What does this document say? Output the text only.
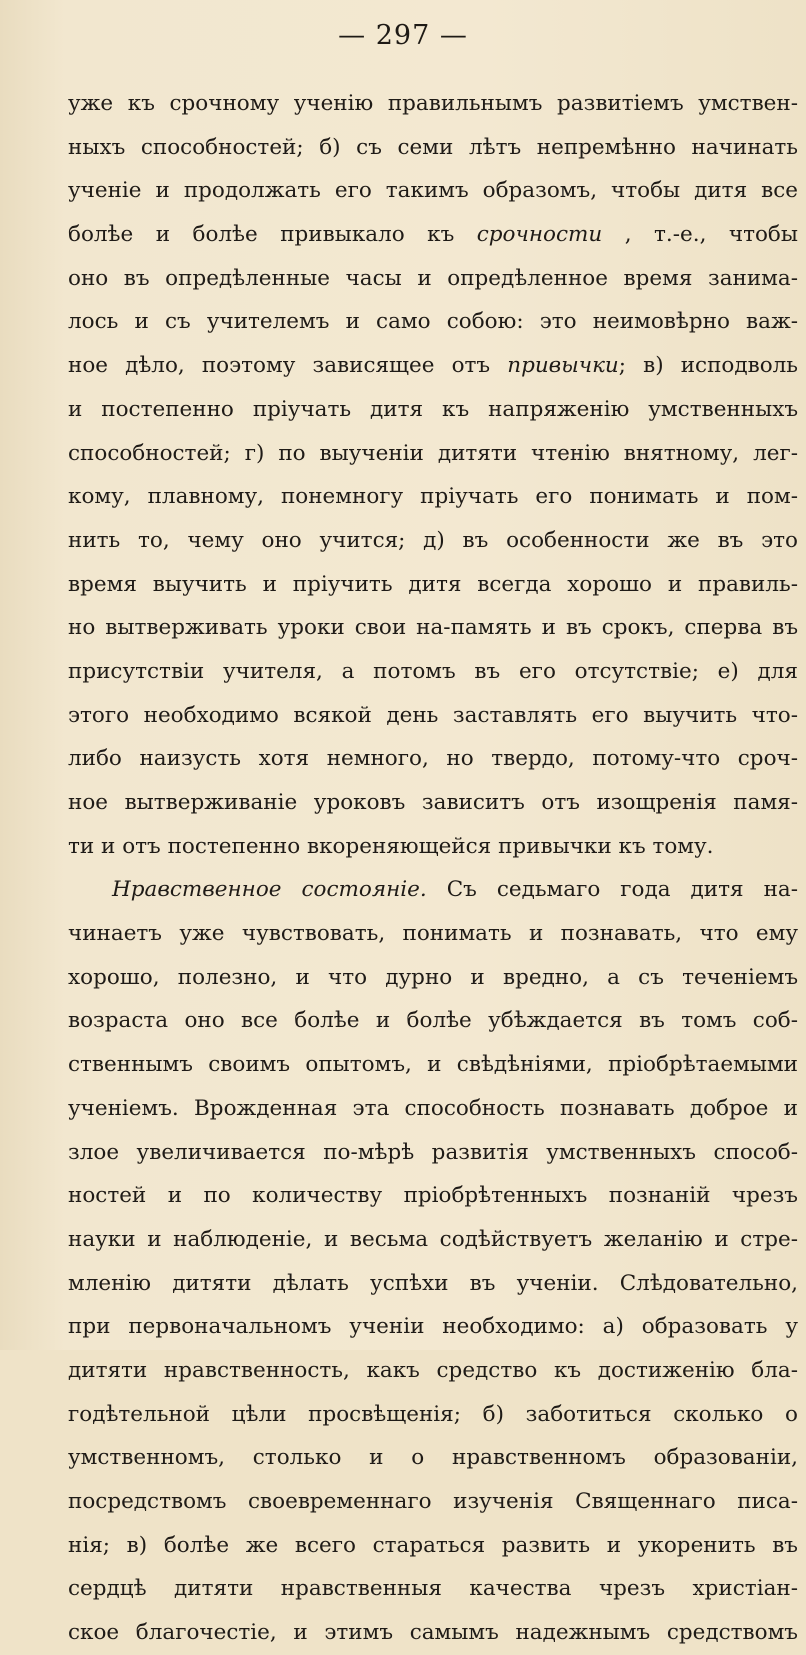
— 297 —
уже къ срочному ученію правильнымъ развитіемъ умствен-
ныхъ способностей; б) съ семи лѣтъ непремѣнно начинать
ученіе и продолжать его такимъ образомъ, чтобы дитя все
болѣе и болѣе привыкало къ срочности , т.-е., чтобы
оно въ опредѣленные часы и опредѣленное время занима-
лось и съ учителемъ и само собою: это неимовѣрно важ-
ное дѣло, поэтому зависящее отъ привычки; в) исподволь
и постепенно пріучать дитя къ напряженію умственныхъ
способностей; г) по выученіи дитяти чтенію внятному, лег-
кому, плавному, понемногу пріучать его понимать и пом-
нить то, чему оно учится; д) въ особенности же въ это
время выучить и пріучить дитя всегда хорошо и правиль-
но вытверживать уроки свои на-память и въ срокъ, сперва въ
присутствіи учителя, а потомъ въ его отсутствіе; е) для
этого необходимо всякой день заставлять его выучить что-
либо наизусть хотя немного, но твердо, потому-что сроч-
ное вытверживаніе уроковъ зависитъ отъ изощренія памя-
ти и отъ постепенно вкореняющейся привычки къ тому.
Нравственное состояніе. Съ седьмаго года дитя на-
чинаетъ уже чувствовать, понимать и познавать, что ему
хорошо, полезно, и что дурно и вредно, а съ теченіемъ
возраста оно все болѣе и болѣе убѣждается въ томъ соб-
ственнымъ своимъ опытомъ, и свѣдѣніями, пріобрѣтаемыми
ученіемъ. Врожденная эта способность познавать доброе и
злое увеличивается по-мѣрѣ развитія умственныхъ способ-
ностей и по количеству пріобрѣтенныхъ познаній чрезъ
науки и наблюденіе, и весьма содѣйствуетъ желанію и стре-
мленію дитяти дѣлать успѣхи въ ученіи. Слѣдовательно,
при первоначальномъ ученіи необходимо: а) образовать у
дитяти нравственность, какъ средство къ достиженію бла-
годѣтельной цѣли просвѣщенія; б) заботиться сколько о
умственномъ, столько и о нравственномъ образованіи,
посредствомъ своевременнаго изученія Священнаго писа-
нія; в) болѣе же всего стараться развить и укоренить въ
сердцѣ дитяти нравственныя качества чрезъ христіан-
ское благочестіе, и этимъ самымъ надежнымъ средствомъ
